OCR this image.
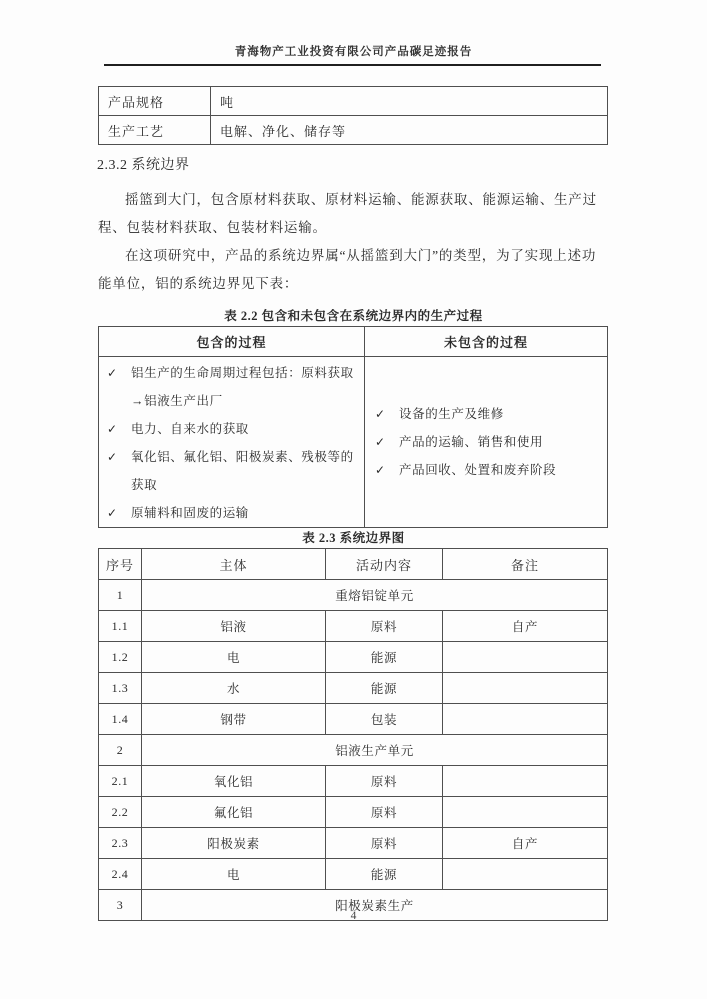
青海物产工业投资有限公司产品碳足迹报告
产品规格	吨
生产工艺	电解、净化、储存等
2.3.2 系统边界
摇篮到大门，包含原材料获取、原材料运输、能源获取、能源运输、生产过
程、包装材料获取、包装材料运输。
在这项研究中，产品的系统边界属“从摇篮到大门”的类型，为了实现上述功
能单位，铝的系统边界见下表：
表 2.2 包含和未包含在系统边界内的生产过程
包含的过程	未包含的过程

✓	铝生产的生命周期过程包括：原料获取→铝液生产出厂
✓	电力、自来水的获取
✓	氧化铝、氟化铝、阳极炭素、残极等的获取
✓	原辅料和固废的运输

✓	设备的生产及维修
✓	产品的运输、销售和使用
✓	产品回收、处置和废弃阶段
表 2.3 系统边界图
序号	主体	活动内容	备注
1	重熔铝锭单元		
1.1	铝液	原料	自产
1.2	电	能源	
1.3	水	能源	
1.4	钢带	包装	
2	铝液生产单元		
2.1	氧化铝	原料	
2.2	氟化铝	原料	
2.3	阳极炭素	原料	自产
2.4	电	能源	
3	阳极炭素生产		
4
